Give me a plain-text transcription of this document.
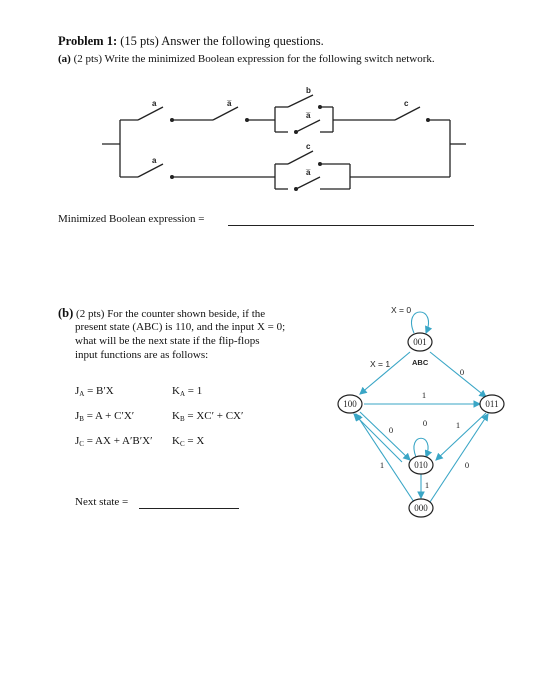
Problem 1: (15 pts) Answer the following questions.
(a) (2 pts) Write the minimized Boolean expression for the following switch network.
a	a̅
b
a̅
c
a
c
a̅
Minimized Boolean expression =
(b) (2 pts) For the counter shown beside, if the
present state (ABC) is 110, and the input X = 0;
what will be the next state if the flip-flops
input functions are as follows:
$J_A = B'X$	$K_A = 1$
$J_B = A + C'X'$	$K_B = XC' + CX'$
$J_C$ = AX + A′B′X′ $K_C = X$
Next state =
001
100	011
010
000
X = 0
X = 1	ABC
0
1
0
0	1
1
1
0
